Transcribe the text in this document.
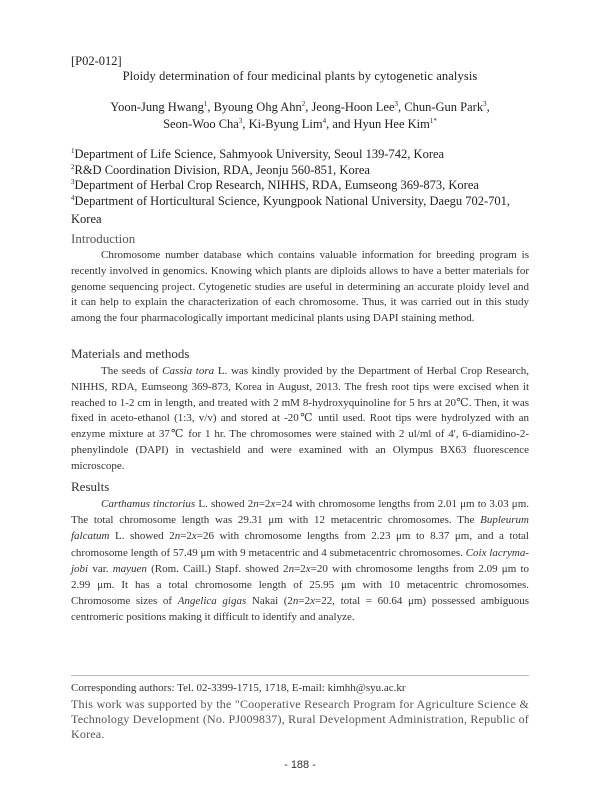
[P02-012]
Ploidy determination of four medicinal plants by cytogenetic analysis
Yoon-Jung Hwang$^1$, Byoung Ohg Ahn$^2$, Jeong-Hoon Lee$^3$, Chun-Gun Park$^3$,
Seon-Woo Cha$^3$, Ki-Byung Lim$^4$, and Hyun Hee Kim$^{1*}$
$^1$Department of Life Science, Sahmyook University, Seoul 139-742, Korea
$^2$R&D Coordination Division, RDA, Jeonju 560-851, Korea
$^3$Department of Herbal Crop Research, NIHHS, RDA, Eumseong 369-873, Korea
$^4$Department of Horticultural Science, Kyungpook National University, Daegu 702-701,
Korea
Introduction

Chromosome number database which contains valuable information for breeding program is recently involved in genomics. Knowing which plants are diploids allows to have a better materials for genome sequencing project. Cytogenetic studies are useful in determining an accurate ploidy level and it can help to explain the characterization of each chromosome. Thus, it was carried out in this study among the four pharmacologically important medicinal plants using DAPI staining method.

Materials and methods

The seeds of Cassia tora L. was kindly provided by the Department of Herbal Crop Research, NIHHS, RDA, Eumseong 369-873, Korea in August, 2013. The fresh root tips were excised when it reached to 1-2 cm in length, and treated with 2 mM 8-hydroxyquinoline for 5 hrs at 20℃. Then, it was fixed in aceto-ethanol (1:3, v/v) and stored at -20℃ until used. Root tips were hydrolyzed with an enzyme mixture at 37℃ for 1 hr. The chromosomes were stained with 2 ul/ml of 4', 6-diamidino-2-phenylindole (DAPI) in vectashield and were examined with an Olympus BX63 fluorescence microscope.

Results

Carthamus tinctorius L. showed 2n=2x=24 with chromosome lengths from 2.01 μm to 3.03 μm. The total chromosome length was 29.31 μm with 12 metacentric chromosomes. The Bupleurum falcatum L. showed 2n=2x=26 with chromosome lengths from 2.23 μm to 8.37 μm, and a total chromosome length of 57.49 μm with 9 metacentric and 4 submetacentric chromosomes. Coix lacryma-jobi var. mayuen (Rom. Caill.) Stapf. showed 2n=2x=20 with chromosome lengths from 2.09 μm to 2.99 μm. It has a total chromosome length of 25.95 μm with 10 metacentric chromosomes. Chromosome sizes of Angelica gigas Nakai (2n=2x=22, total = 60.64 μm) possessed ambiguous centromeric positions making it difficult to identify and analyze.

Corresponding authors: Tel. 02-3399-1715, 1718, E-mail: kimhh@syu.ac.kr
This work was supported by the "Cooperative Research Program for Agriculture Science & Technology Development (No. PJ009837), Rural Development Administration, Republic of Korea.
- 188 -
